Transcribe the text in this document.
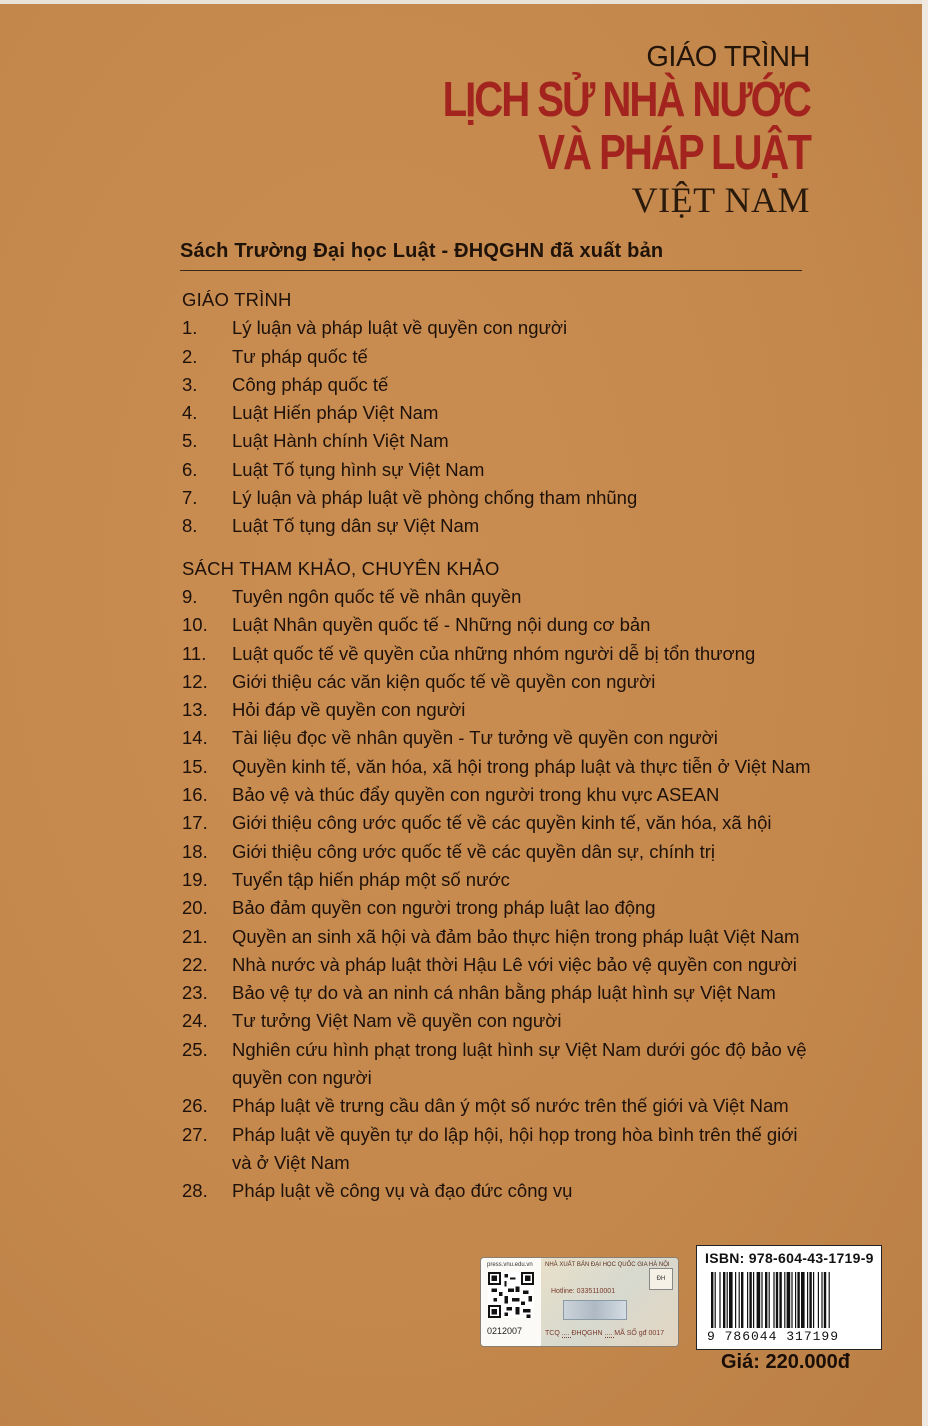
GIÁO TRÌNH
LỊCH SỬ NHÀ NƯỚC
VÀ PHÁP LUẬT
VIỆT NAM
Sách Trường Đại học Luật - ĐHQGHN đã xuất bản
GIÁO TRÌNH
1.	Lý luận và pháp luật về quyền con người
2.	Tư pháp quốc tế
3.	Công pháp quốc tế
4.	Luật Hiến pháp Việt Nam
5.	Luật Hành chính Việt Nam
6.	Luật Tố tụng hình sự Việt Nam
7.	Lý luận và pháp luật về phòng chống tham nhũng
8.	Luật Tố tụng dân sự Việt Nam
SÁCH THAM KHẢO, CHUYÊN KHẢO
9.	Tuyên ngôn quốc tế về nhân quyền
10.	Luật Nhân quyền quốc tế - Những nội dung cơ bản
11.	Luật quốc tế về quyền của những nhóm người dễ bị tổn thương
12.	Giới thiệu các văn kiện quốc tế về quyền con người
13.	Hỏi đáp về quyền con người
14.	Tài liệu đọc về nhân quyền - Tư tưởng về quyền con người
15.	Quyền kinh tế, văn hóa, xã hội trong pháp luật và thực tiễn ở Việt Nam
16.	Bảo vệ và thúc đẩy quyền con người trong khu vực ASEAN
17.	Giới thiệu công ước quốc tế về các quyền kinh tế, văn hóa, xã hội
18.	Giới thiệu công ước quốc tế về các quyền dân sự, chính trị
19.	Tuyển tập hiến pháp một số nước
20.	Bảo đảm quyền con người trong pháp luật lao động
21.	Quyền an sinh xã hội và đảm bảo thực hiện trong pháp luật Việt Nam
22.	Nhà nước và pháp luật thời Hậu Lê với việc bảo vệ quyền con người
23.	Bảo vệ tự do và an ninh cá nhân bằng pháp luật hình sự Việt Nam
24.	Tư tưởng Việt Nam về quyền con người
25.	Nghiên cứu hình phạt trong luật hình sự Việt Nam dưới góc độ bảo vệ quyền con người
26.	Pháp luật về trưng cầu dân ý một số nước trên thế giới và Việt Nam
27.	Pháp luật về quyền tự do lập hội, hội họp trong hòa bình trên thế giới và ở Việt Nam
28.	Pháp luật về công vụ và đạo đức công vụ
press.vnu.edu.vn
0212007
NHÀ XUẤT BẢN ĐẠI HỌC QUỐC GIA HÀ NỘI
ĐH
Hotline: 0335110001
TCQ .... ĐHQGHN .... MÃ SỐ gđ 0017
ISBN: 978-604-43-1719-9
9 786044 317199
Giá: 220.000đ
